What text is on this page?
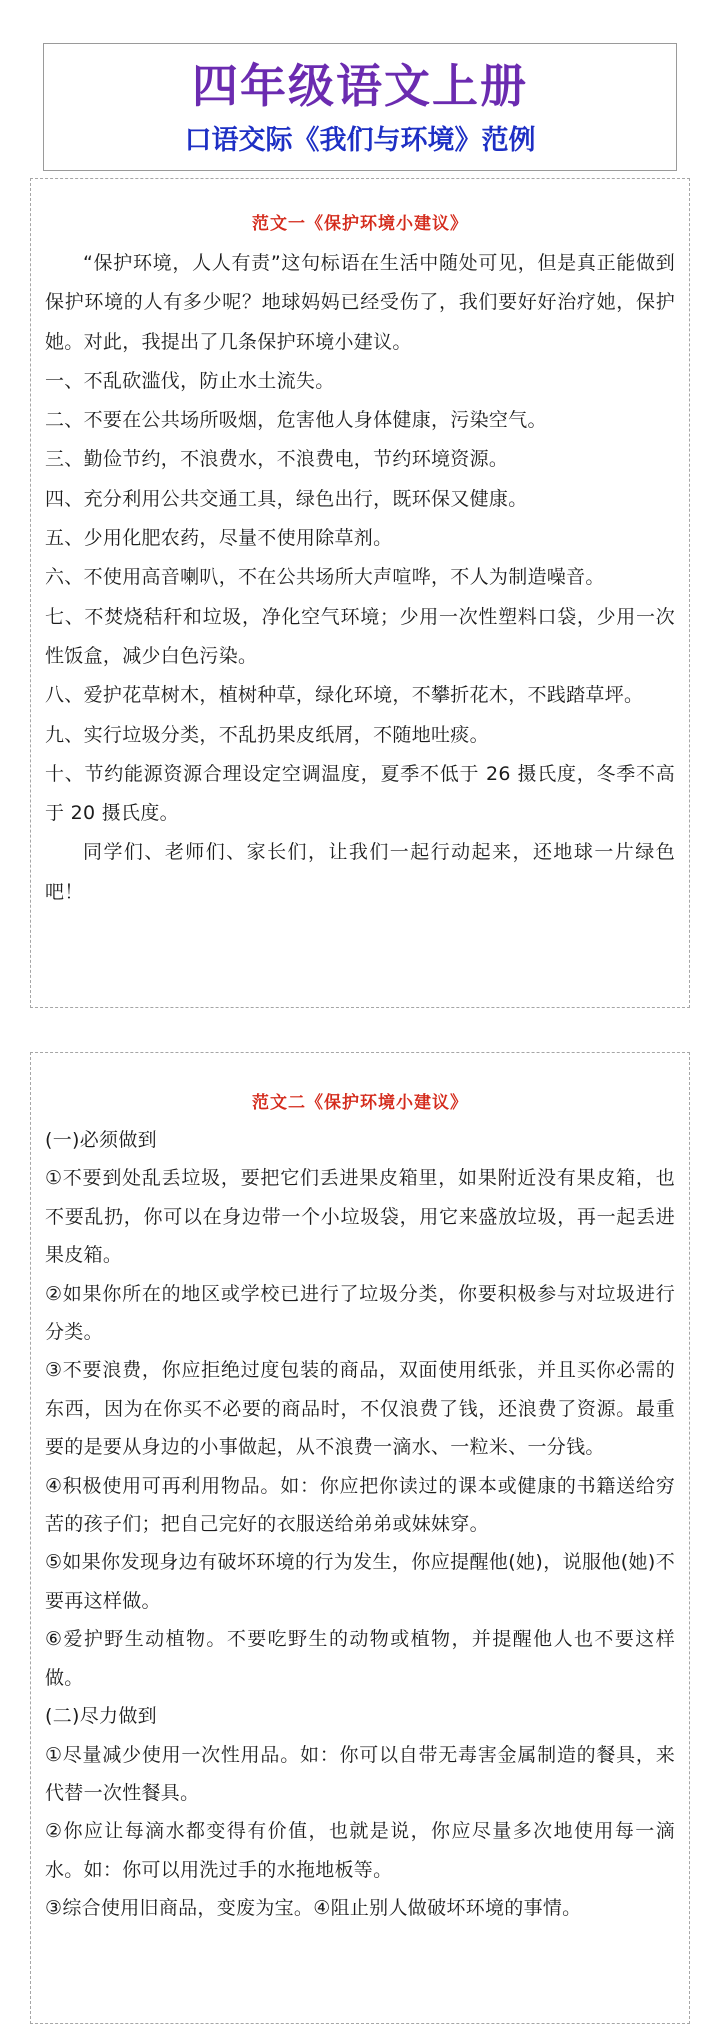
四年级语文上册
口语交际《我们与环境》范例
范文一《保护环境小建议》

“保护环境，人人有责”这句标语在生活中随处可见，但是真正能做到保护环境的人有多少呢？地球妈妈已经受伤了，我们要好好治疗她，保护她。对此，我提出了几条保护环境小建议。

一、不乱砍滥伐，防止水土流失。

二、不要在公共场所吸烟，危害他人身体健康，污染空气。

三、勤俭节约，不浪费水，不浪费电，节约环境资源。

四、充分利用公共交通工具，绿色出行，既环保又健康。

五、少用化肥农药，尽量不使用除草剂。

六、不使用高音喇叭，不在公共场所大声喧哗，不人为制造噪音。

七、不焚烧秸秆和垃圾，净化空气环境；少用一次性塑料口袋，少用一次性饭盒，减少白色污染。

八、爱护花草树木，植树种草，绿化环境，不攀折花木，不践踏草坪。

九、实行垃圾分类，不乱扔果皮纸屑，不随地吐痰。

十、节约能源资源合理设定空调温度，夏季不低于 26 摄氏度，冬季不高于 20 摄氏度。

同学们、老师们、家长们，让我们一起行动起来，还地球一片绿色吧！

范文二《保护环境小建议》

(一)必须做到

①不要到处乱丢垃圾，要把它们丢进果皮箱里，如果附近没有果皮箱，也不要乱扔，你可以在身边带一个小垃圾袋，用它来盛放垃圾，再一起丢进果皮箱。

②如果你所在的地区或学校已进行了垃圾分类，你要积极参与对垃圾进行分类。

③不要浪费，你应拒绝过度包装的商品，双面使用纸张，并且买你必需的东西，因为在你买不必要的商品时，不仅浪费了钱，还浪费了资源。最重要的是要从身边的小事做起，从不浪费一滴水、一粒米、一分钱。

④积极使用可再利用物品。如：你应把你读过的课本或健康的书籍送给穷苦的孩子们；把自己完好的衣服送给弟弟或妹妹穿。

⑤如果你发现身边有破坏环境的行为发生，你应提醒他(她)，说服他(她)不要再这样做。

⑥爱护野生动植物。不要吃野生的动物或植物，并提醒他人也不要这样做。

(二)尽力做到

①尽量减少使用一次性用品。如：你可以自带无毒害金属制造的餐具，来代替一次性餐具。

②你应让每滴水都变得有价值，也就是说，你应尽量多次地使用每一滴水。如：你可以用洗过手的水拖地板等。

③综合使用旧商品，变废为宝。④阻止别人做破坏环境的事情。
